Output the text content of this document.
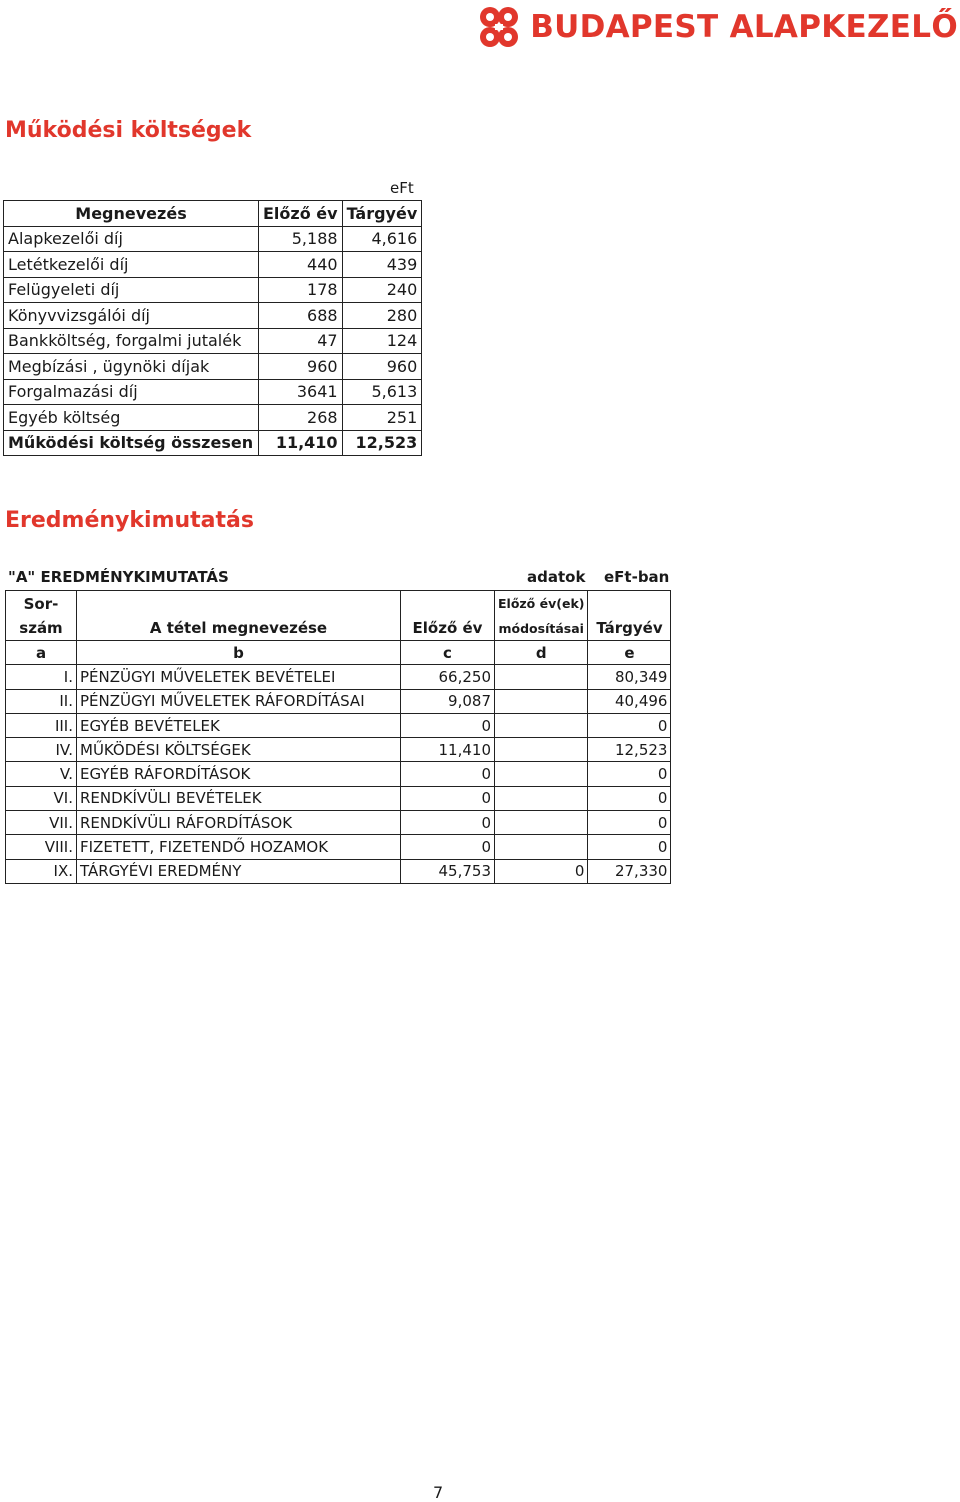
BUDAPEST ALAPKEZELŐ
Működési költségek
eFt
Megnevezés	Előző év	Tárgyév
Alapkezelői díj	5,188	4,616
Letétkezelői díj	440	439
Felügyeleti díj	178	240
Könyvvizsgálói díj	688	280
Bankköltség, forgalmi jutalék	47	124
Megbízási , ügynöki díjak	960	960
Forgalmazási díj	3641	5,613
Egyéb költség	268	251
Működési költség összesen	11,410	12,523
Eredménykimutatás
"A" EREDMÉNYKIMUTATÁS	adatok eFt-ban
Sor-			Előző év(ek)	
szám	A tétel megnevezése	Előző év	módosításai	Tárgyév
a	b	c	d	e
I.	PÉNZÜGYI MŰVELETEK BEVÉTELEI	66,250		80,349
II.	PÉNZÜGYI MŰVELETEK RÁFORDÍTÁSAI	9,087		40,496
III.	EGYÉB BEVÉTELEK	0		0
IV.	MŰKÖDÉSI KÖLTSÉGEK	11,410		12,523
V.	EGYÉB RÁFORDÍTÁSOK	0		0
VI.	RENDKÍVÜLI BEVÉTELEK	0		0
VII.	RENDKÍVÜLI RÁFORDÍTÁSOK	0		0
VIII.	FIZETETT, FIZETENDŐ HOZAMOK	0		0
IX.	TÁRGYÉVI EREDMÉNY	45,753	0	27,330
7
